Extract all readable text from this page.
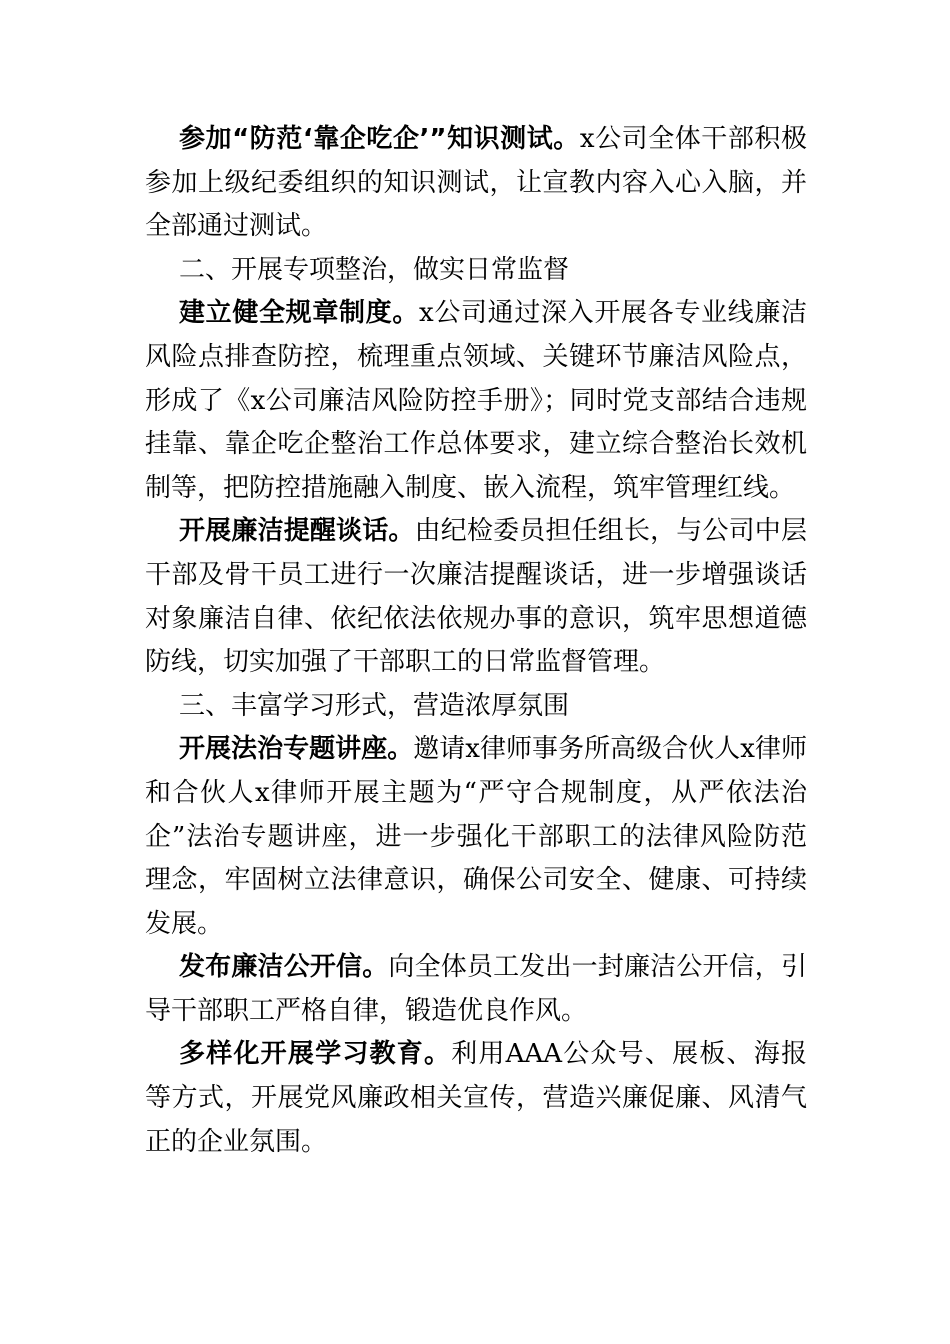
参加“防范‘靠企吃企’”知识测试。x公司全体干部积极参加上级纪委组织的知识测试，让宣教内容入心入脑，并全部通过测试。

二、开展专项整治，做实日常监督

建立健全规章制度。x公司通过深入开展各专业线廉洁风险点排查防控，梳理重点领域、关键环节廉洁风险点，形成了《x公司廉洁风险防控手册》；同时党支部结合违规挂靠、靠企吃企整治工作总体要求，建立综合整治长效机制等，把防控措施融入制度、嵌入流程，筑牢管理红线。

开展廉洁提醒谈话。由纪检委员担任组长，与公司中层干部及骨干员工进行一次廉洁提醒谈话，进一步增强谈话对象廉洁自律、依纪依法依规办事的意识，筑牢思想道德防线，切实加强了干部职工的日常监督管理。

三、丰富学习形式，营造浓厚氛围

开展法治专题讲座。邀请x律师事务所高级合伙人x律师和合伙人x律师开展主题为“严守合规制度，从严依法治企”法治专题讲座，进一步强化干部职工的法律风险防范理念，牢固树立法律意识，确保公司安全、健康、可持续发展。

发布廉洁公开信。向全体员工发出一封廉洁公开信，引导干部职工严格自律，锻造优良作风。

多样化开展学习教育。利用AAA公众号、展板、海报等方式，开展党风廉政相关宣传，营造兴廉促廉、风清气正的企业氛围。
